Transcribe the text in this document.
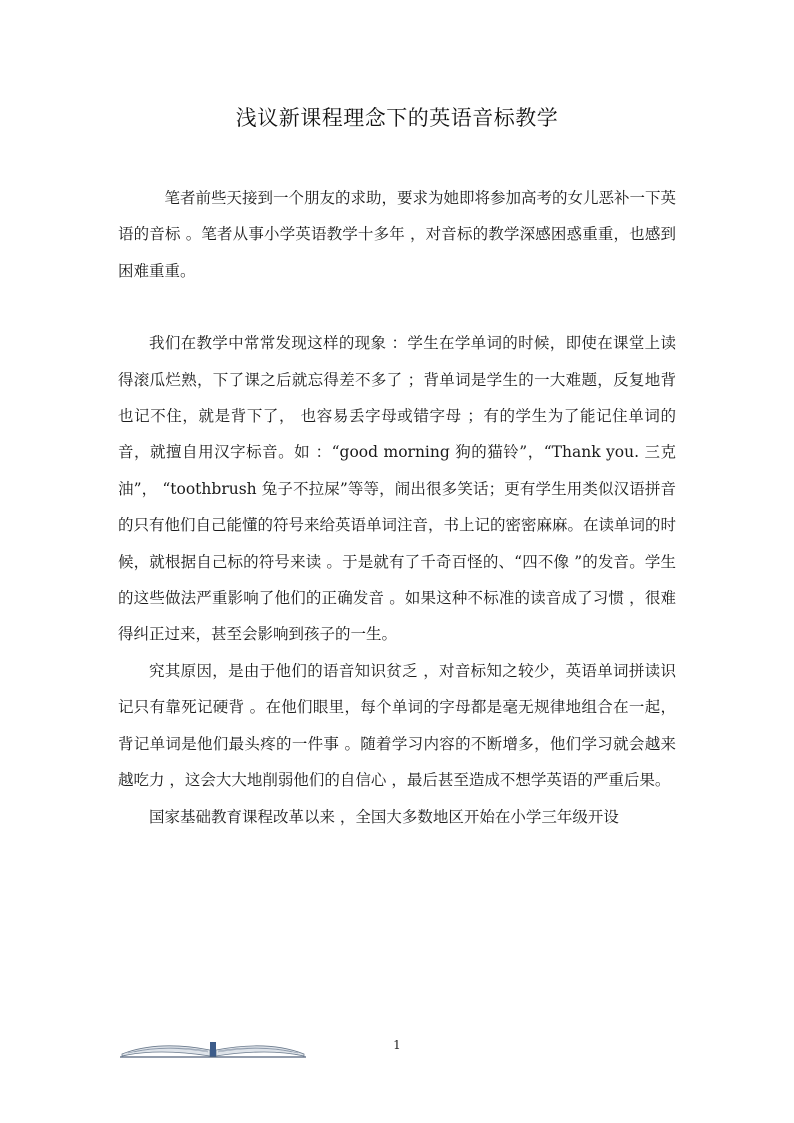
浅议新课程理念下的英语音标教学

笔者前些天接到一个朋友的求助，要求为她即将参加高考的女儿恶补一下英语的音标 。笔者从事小学英语教学十多年 ，对音标的教学深感困惑重重，也感到困难重重。

我们在教学中常常发现这样的现象 ：学生在学单词的时候，即使在课堂上读得滚瓜烂熟，下了课之后就忘得差不多了 ；背单词是学生的一大难题，反复地背也记不住，就是背下了， 也容易丢字母或错字母 ；有的学生为了能记住单词的音，就擅自用汉字标音。如 ：“good morning 狗的猫铃”，“Thank you. 三克油”， “toothbrush 兔子不拉屎”等等，闹出很多笑话；更有学生用类似汉语拼音的只有他们自己能懂的符号来给英语单词注音，书上记的密密麻麻。在读单词的时候，就根据自己标的符号来读 。于是就有了千奇百怪的、“四不像 ”的发音。学生的这些做法严重影响了他们的正确发音 。如果这种不标准的读音成了习惯 ，很难得纠正过来，甚至会影响到孩子的一生。

究其原因，是由于他们的语音知识贫乏 ，对音标知之较少，英语单词拼读识记只有靠死记硬背 。在他们眼里，每个单词的字母都是毫无规律地组合在一起，背记单词是他们最头疼的一件事 。随着学习内容的不断增多，他们学习就会越来越吃力 ，这会大大地削弱他们的自信心 ，最后甚至造成不想学英语的严重后果。

国家基础教育课程改革以来 ，全国大多数地区开始在小学三年级开设

1
